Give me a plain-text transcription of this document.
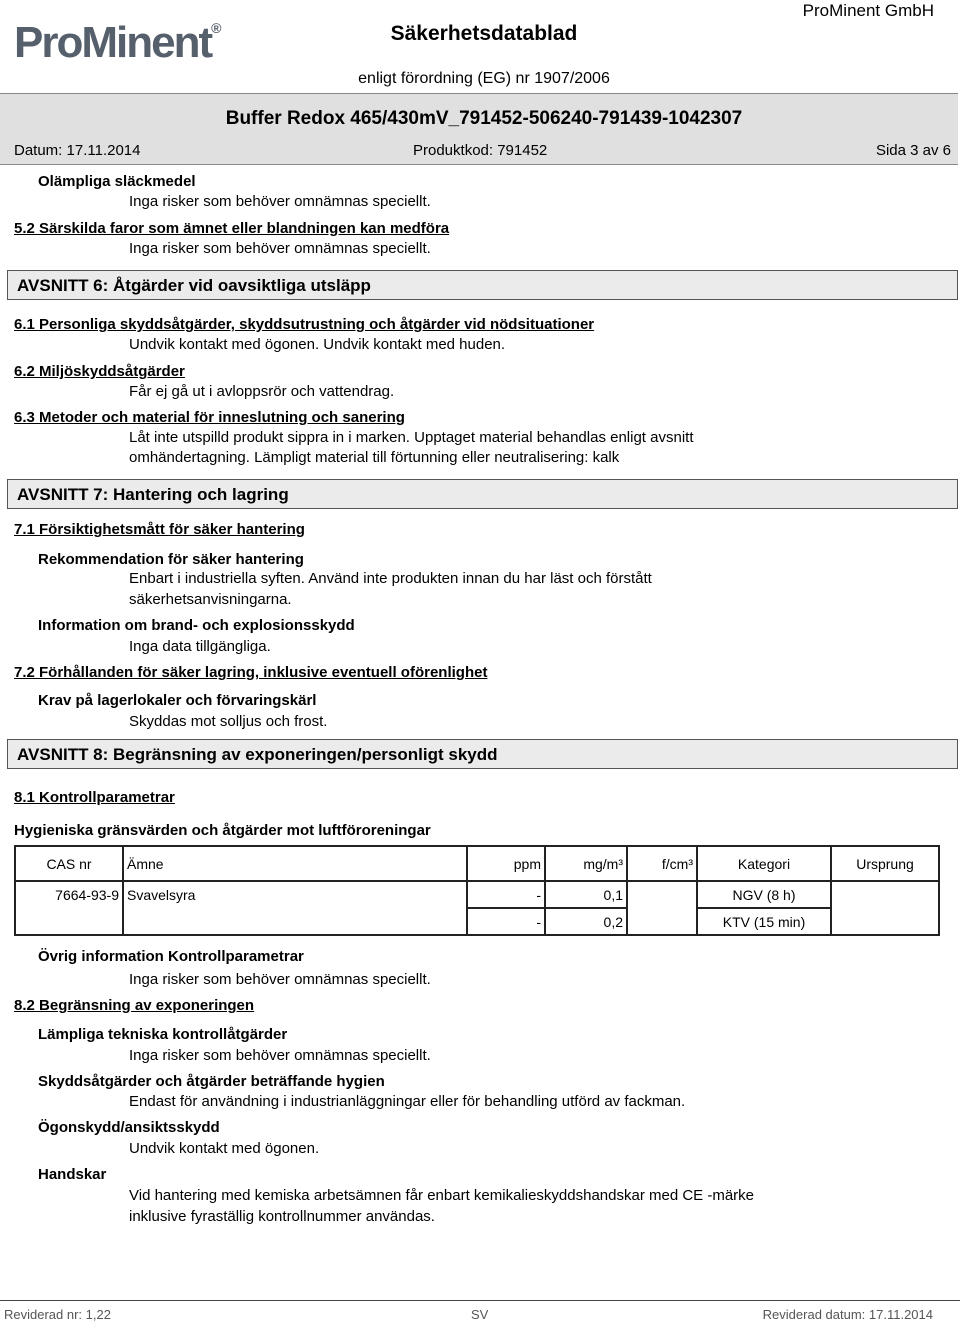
ProMinent®	Säkerhetsdatablad
ProMinent GmbH
enligt förordning (EG) nr 1907/2006
Buffer Redox 465/430mV_791452-506240-791439-1042307
Datum: 17.11.2014	Produktkod: 791452	Sida 3 av 6
Olämpliga släckmedel
Inga risker som behöver omnämnas speciellt.
5.2 Särskilda faror som ämnet eller blandningen kan medföra
Inga risker som behöver omnämnas speciellt.
AVSNITT 6: Åtgärder vid oavsiktliga utsläpp
6.1 Personliga skyddsåtgärder, skyddsutrustning och åtgärder vid nödsituationer
Undvik kontakt med ögonen. Undvik kontakt med huden.
6.2 Miljöskyddsåtgärder
Får ej gå ut i avloppsrör och vattendrag.
6.3 Metoder och material för inneslutning och sanering
Låt inte utspilld produkt sippra in i marken. Upptaget material behandlas enligt avsnitt
omhändertagning. Lämpligt material till förtunning eller neutralisering: kalk
AVSNITT 7: Hantering och lagring
7.1 Försiktighetsmått för säker hantering
Rekommendation för säker hantering
Enbart i industriella syften. Använd inte produkten innan du har läst och förstått
säkerhetsanvisningarna.
Information om brand- och explosionsskydd
Inga data tillgängliga.
7.2 Förhållanden för säker lagring, inklusive eventuell oförenlighet
Krav på lagerlokaler och förvaringskärl
Skyddas mot solljus och frost.
AVSNITT 8: Begränsning av exponeringen/personligt skydd
8.1 Kontrollparametrar
Hygieniska gränsvärden och åtgärder mot luftföroreningar
CAS nr	Ämne	ppm	mg/m³	f/cm³	Kategori	Ursprung
7664-93-9	Svavelsyra	-	0,1		NGV (8 h)	
		-	0,2		KTV (15 min)	
Övrig information Kontrollparametrar
Inga risker som behöver omnämnas speciellt.
8.2 Begränsning av exponeringen
Lämpliga tekniska kontrollåtgärder
Inga risker som behöver omnämnas speciellt.
Skyddsåtgärder och åtgärder beträffande hygien
Endast för användning i industrianläggningar eller för behandling utförd av fackman.
Ögonskydd/ansiktsskydd
Undvik kontakt med ögonen.
Handskar
Vid hantering med kemiska arbetsämnen får enbart kemikalieskyddshandskar med CE -märke
inklusive fyraställig kontrollnummer användas.
Reviderad nr: 1,22	SV	Reviderad datum: 17.11.2014
